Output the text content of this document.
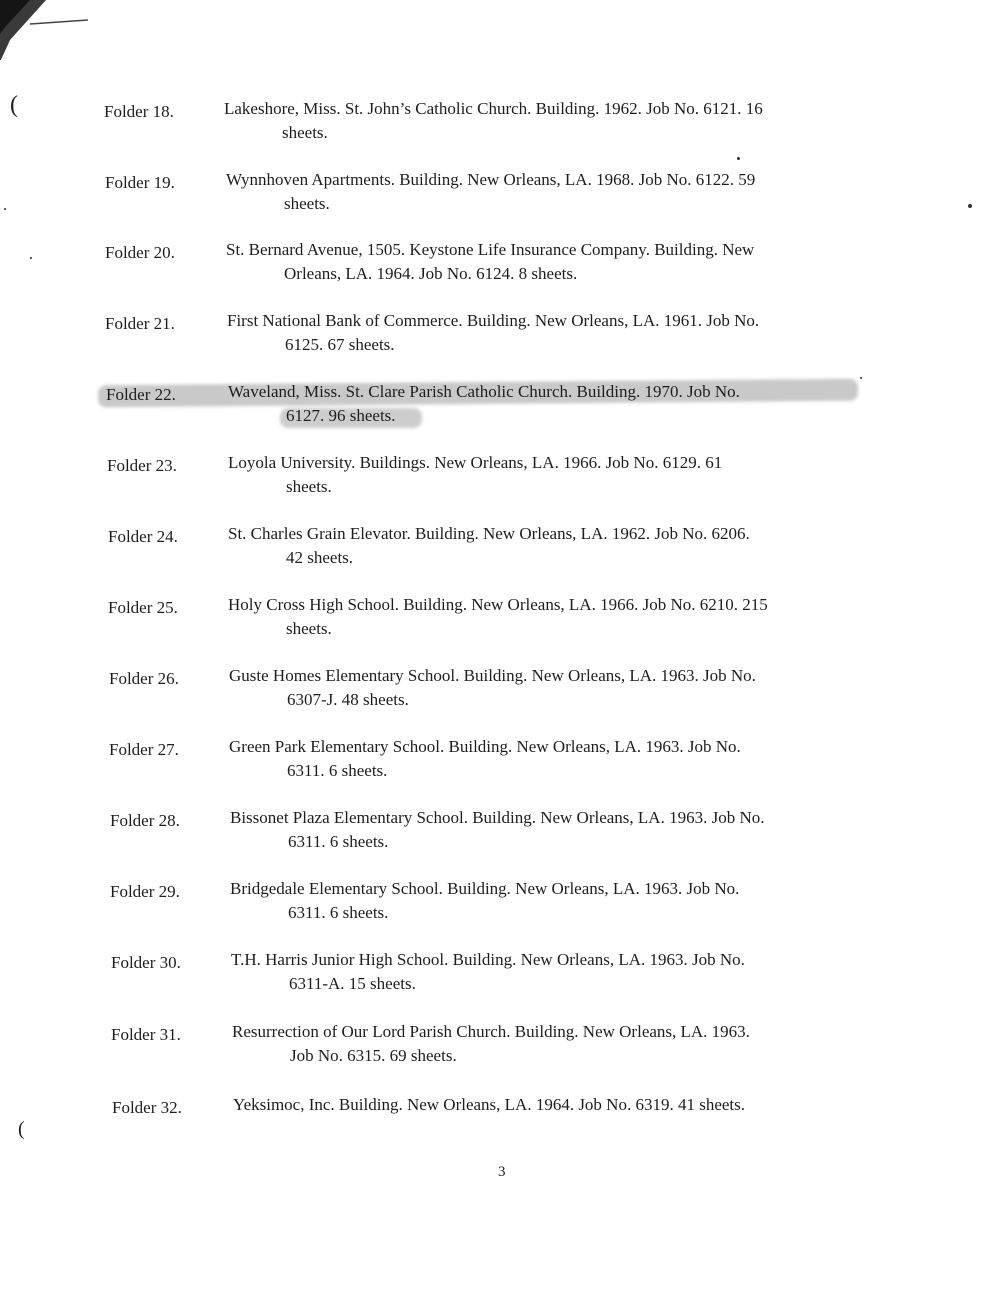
(
(
Folder 18.	Lakeshore, Miss. St. John’s Catholic Church. Building. 1962. Job No. 6121. 16
sheets.
Folder 19.	Wynnhoven Apartments. Building. New Orleans, LA. 1968. Job No. 6122. 59
sheets.
Folder 20.	St. Bernard Avenue, 1505. Keystone Life Insurance Company. Building. New
Orleans, LA. 1964. Job No. 6124. 8 sheets.
Folder 21.	First National Bank of Commerce. Building. New Orleans, LA. 1961. Job No.
6125. 67 sheets.
Folder 22.	Waveland, Miss. St. Clare Parish Catholic Church. Building. 1970. Job No.
6127. 96 sheets.
Folder 23.	Loyola University. Buildings. New Orleans, LA. 1966. Job No. 6129. 61
sheets.
Folder 24.	St. Charles Grain Elevator. Building. New Orleans, LA. 1962. Job No. 6206.
42 sheets.
Folder 25.	Holy Cross High School. Building. New Orleans, LA. 1966. Job No. 6210. 215
sheets.
Folder 26.	Guste Homes Elementary School. Building. New Orleans, LA. 1963. Job No.
6307-J. 48 sheets.
Folder 27.	Green Park Elementary School. Building. New Orleans, LA. 1963. Job No.
6311. 6 sheets.
Folder 28.	Bissonet Plaza Elementary School. Building. New Orleans, LA. 1963. Job No.
6311. 6 sheets.
Folder 29.	Bridgedale Elementary School. Building. New Orleans, LA. 1963. Job No.
6311. 6 sheets.
Folder 30.	T.H. Harris Junior High School. Building. New Orleans, LA. 1963. Job No.
6311-A. 15 sheets.
Folder 31.	Resurrection of Our Lord Parish Church. Building. New Orleans, LA. 1963.
Job No. 6315. 69 sheets.
Folder 32.	Yeksimoc, Inc. Building. New Orleans, LA. 1964. Job No. 6319. 41 sheets.
3
